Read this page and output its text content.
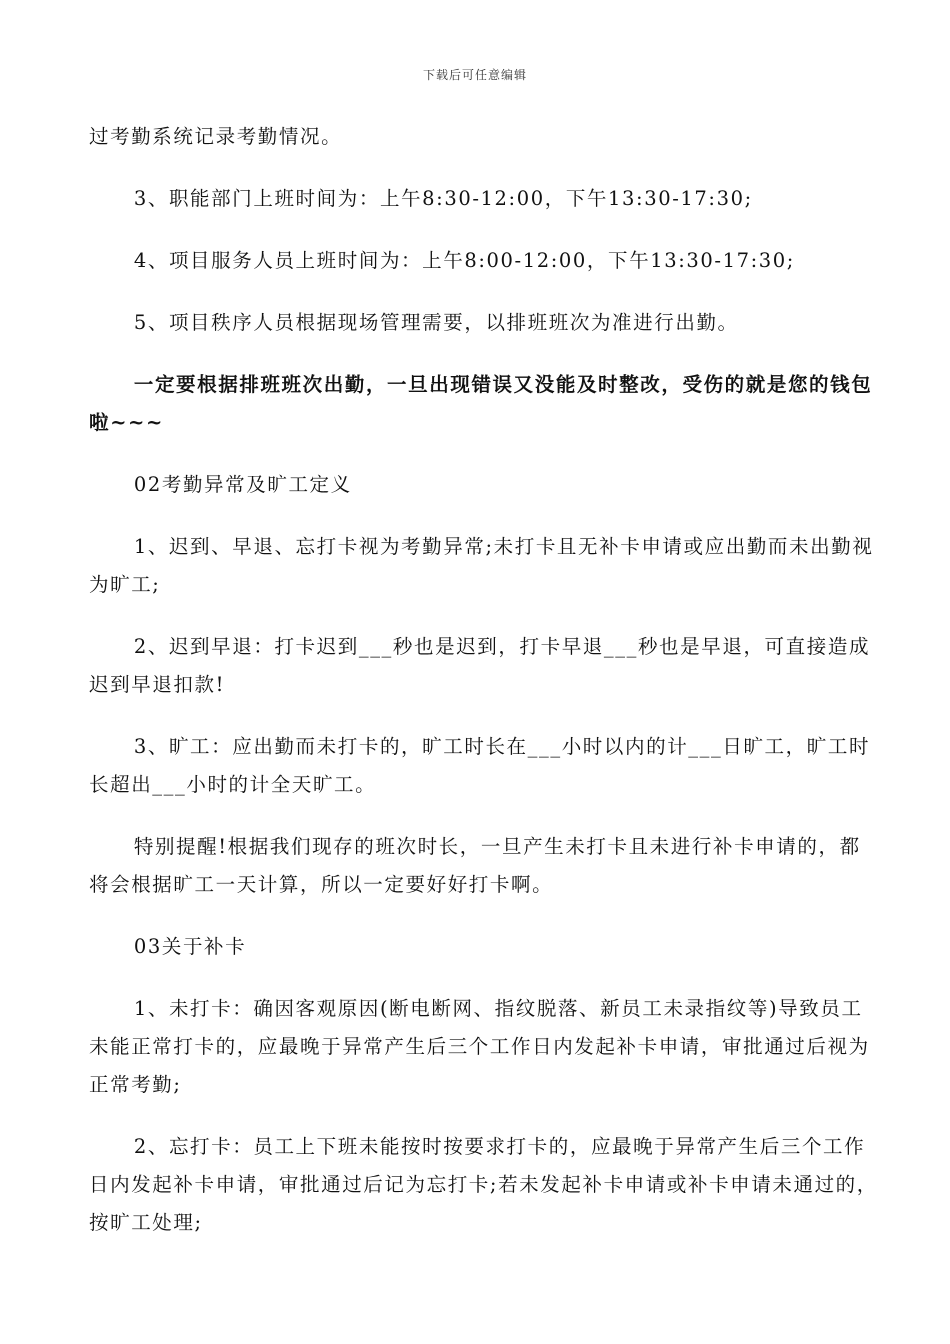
下载后可任意编辑

过考勤系统记录考勤情况。

3、职能部门上班时间为：上午8:30-12:00，下午13:30-17:30;

4、项目服务人员上班时间为：上午8:00-12:00，下午13:30-17:30;

5、项目秩序人员根据现场管理需要，以排班班次为准进行出勤。

一定要根据排班班次出勤，一旦出现错误又没能及时整改，受伤的就是您的钱包啦~~~

02考勤异常及旷工定义

1、迟到、早退、忘打卡视为考勤异常;未打卡且无补卡申请或应出勤而未出勤视为旷工;

2、迟到早退：打卡迟到___秒也是迟到，打卡早退___秒也是早退，可直接造成迟到早退扣款!

3、旷工：应出勤而未打卡的，旷工时长在___小时以内的计___日旷工，旷工时长超出___小时的计全天旷工。

特别提醒!根据我们现存的班次时长，一旦产生未打卡且未进行补卡申请的，都将会根据旷工一天计算，所以一定要好好打卡啊。

03关于补卡

1、未打卡：确因客观原因(断电断网、指纹脱落、新员工未录指纹等)导致员工未能正常打卡的，应最晚于异常产生后三个工作日内发起补卡申请，审批通过后视为正常考勤;

2、忘打卡：员工上下班未能按时按要求打卡的，应最晚于异常产生后三个工作日内发起补卡申请，审批通过后记为忘打卡;若未发起补卡申请或补卡申请未通过的，按旷工处理;
